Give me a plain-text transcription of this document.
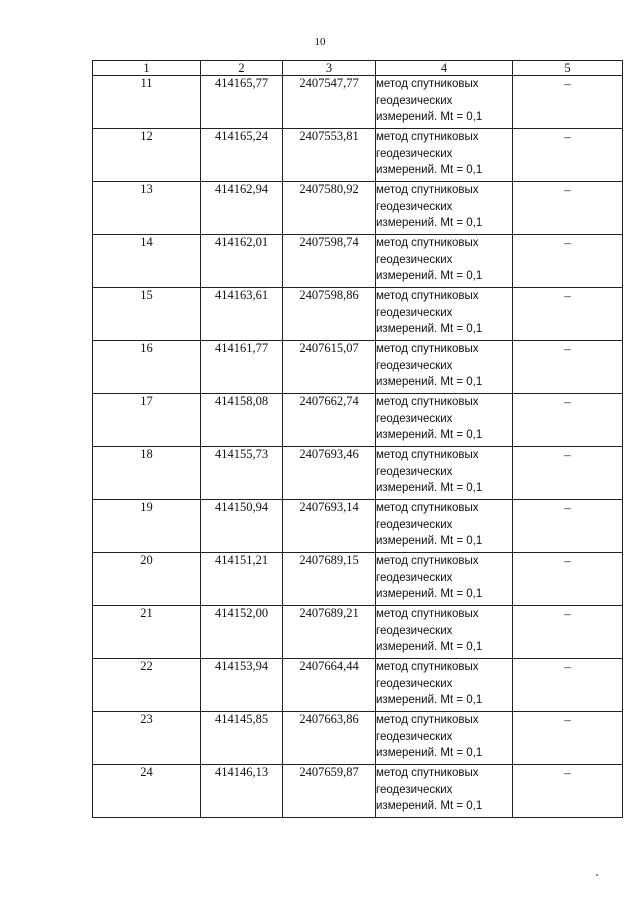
10
1	2	3	4	5
11	414165,77	2407547,77	метод спутниковых
геодезических
измерений. Mt = 0,1	–
12	414165,24	2407553,81	метод спутниковых
геодезических
измерений. Mt = 0,1	–
13	414162,94	2407580,92	метод спутниковых
геодезических
измерений. Mt = 0,1	–
14	414162,01	2407598,74	метод спутниковых
геодезических
измерений. Mt = 0,1	–
15	414163,61	2407598,86	метод спутниковых
геодезических
измерений. Mt = 0,1	–
16	414161,77	2407615,07	метод спутниковых
геодезических
измерений. Mt = 0,1	–
17	414158,08	2407662,74	метод спутниковых
геодезических
измерений. Mt = 0,1	–
18	414155,73	2407693,46	метод спутниковых
геодезических
измерений. Mt = 0,1	–
19	414150,94	2407693,14	метод спутниковых
геодезических
измерений. Mt = 0,1	–
20	414151,21	2407689,15	метод спутниковых
геодезических
измерений. Mt = 0,1	–
21	414152,00	2407689,21	метод спутниковых
геодезических
измерений. Mt = 0,1	–
22	414153,94	2407664,44	метод спутниковых
геодезических
измерений. Mt = 0,1	–
23	414145,85	2407663,86	метод спутниковых
геодезических
измерений. Mt = 0,1	–
24	414146,13	2407659,87	метод спутниковых
геодезических
измерений. Mt = 0,1	–
